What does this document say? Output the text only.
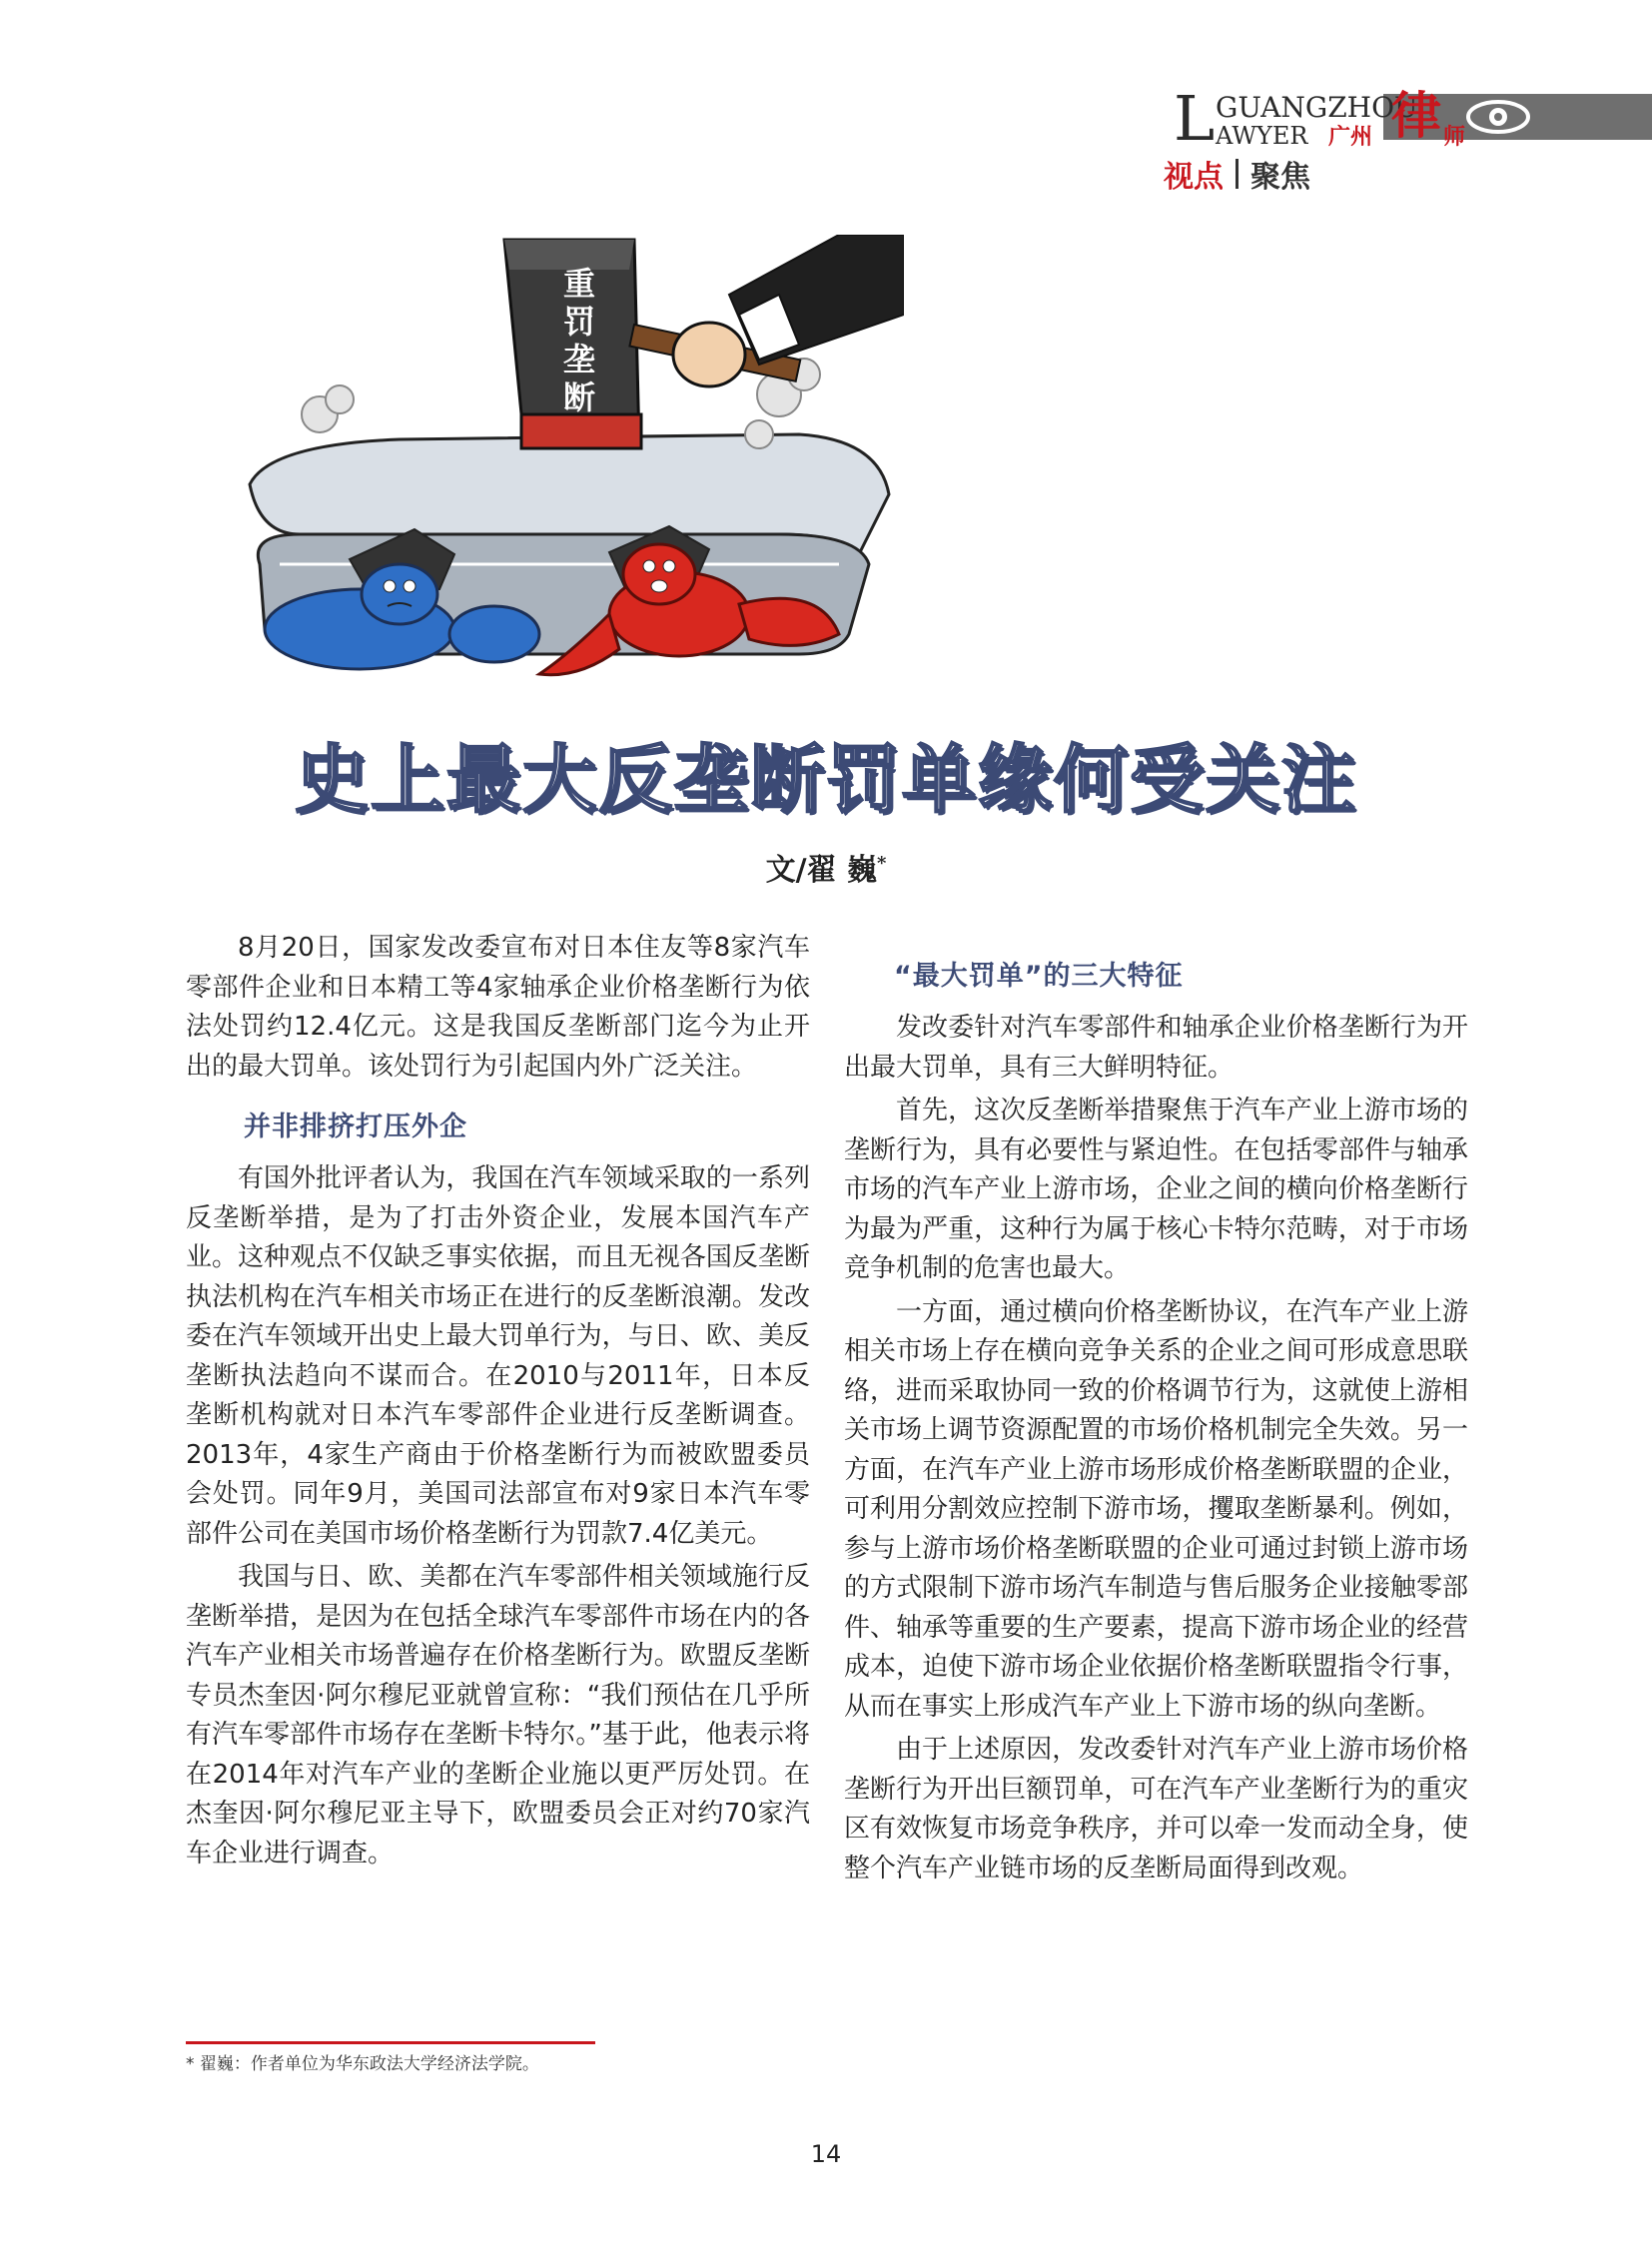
L GUANGZHOU
AWYER 广州 律 师
视点 聚焦
重
罚
垄
断
史上最大反垄断罚单缘何受关注
文/翟 巍*

8月20日，国家发改委宣布对日本住友等8家汽车零部件企业和日本精工等4家轴承企业价格垄断行为依法处罚约12.4亿元。这是我国反垄断部门迄今为止开出的最大罚单。该处罚行为引起国内外广泛关注。

并非排挤打压外企

有国外批评者认为，我国在汽车领域采取的一系列反垄断举措，是为了打击外资企业，发展本国汽车产业。这种观点不仅缺乏事实依据，而且无视各国反垄断执法机构在汽车相关市场正在进行的反垄断浪潮。发改委在汽车领域开出史上最大罚单行为，与日、欧、美反垄断执法趋向不谋而合。在2010与2011年，日本反垄断机构就对日本汽车零部件企业进行反垄断调查。2013年，4家生产商由于价格垄断行为而被欧盟委员会处罚。同年9月，美国司法部宣布对9家日本汽车零部件公司在美国市场价格垄断行为罚款7.4亿美元。

我国与日、欧、美都在汽车零部件相关领域施行反垄断举措，是因为在包括全球汽车零部件市场在内的各汽车产业相关市场普遍存在价格垄断行为。欧盟反垄断专员杰奎因·阿尔穆尼亚就曾宣称：“我们预估在几乎所有汽车零部件市场存在垄断卡特尔。”基于此，他表示将在2014年对汽车产业的垄断企业施以更严厉处罚。在杰奎因·阿尔穆尼亚主导下，欧盟委员会正对约70家汽车企业进行调查。

“最大罚单”的三大特征

发改委针对汽车零部件和轴承企业价格垄断行为开出最大罚单，具有三大鲜明特征。

首先，这次反垄断举措聚焦于汽车产业上游市场的垄断行为，具有必要性与紧迫性。在包括零部件与轴承市场的汽车产业上游市场，企业之间的横向价格垄断行为最为严重，这种行为属于核心卡特尔范畴，对于市场竞争机制的危害也最大。

一方面，通过横向价格垄断协议，在汽车产业上游相关市场上存在横向竞争关系的企业之间可形成意思联络，进而采取协同一致的价格调节行为，这就使上游相关市场上调节资源配置的市场价格机制完全失效。另一方面，在汽车产业上游市场形成价格垄断联盟的企业，可利用分割效应控制下游市场，攫取垄断暴利。例如，参与上游市场价格垄断联盟的企业可通过封锁上游市场的方式限制下游市场汽车制造与售后服务企业接触零部件、轴承等重要的生产要素，提高下游市场企业的经营成本，迫使下游市场企业依据价格垄断联盟指令行事，从而在事实上形成汽车产业上下游市场的纵向垄断。

由于上述原因，发改委针对汽车产业上游市场价格垄断行为开出巨额罚单，可在汽车产业垄断行为的重灾区有效恢复市场竞争秩序，并可以牵一发而动全身，使整个汽车产业链市场的反垄断局面得到改观。

* 翟巍：作者单位为华东政法大学经济法学院。
14
